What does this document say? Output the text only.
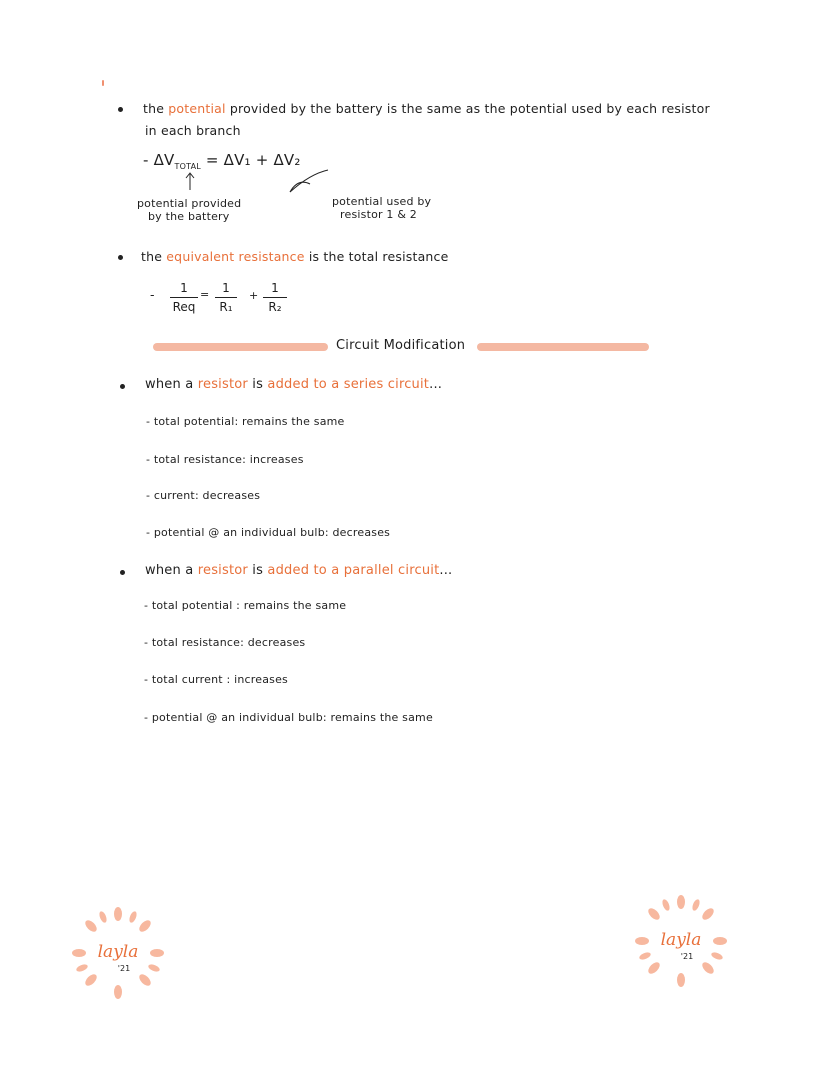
the potential provided by the battery is the same as the potential used by each resistor
in each branch
- $\Delta V_{TOTAL} = \Delta V_1 + \Delta V_2$
potential provided
by the battery
potential used by
resistor 1 & 2
the equivalent resistance is the total resistance
-	1
Req
=	1
R₁
+
1
R₂
Circuit Modification
when a resistor is added to a series circuit...
- total potential: remains the same
- total resistance: increases
- current: decreases
- potential @ an individual bulb: decreases
when a resistor is added to a parallel circuit...
- total potential : remains the same
- total resistance: decreases
- total current : increases
- potential @ an individual bulb: remains the same
layla
'21
layla
'21
